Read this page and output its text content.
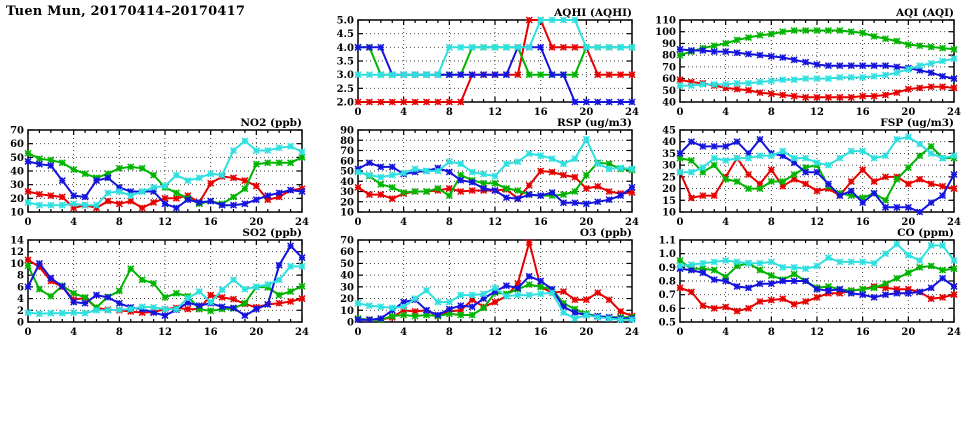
Tuen Mun, 20170414–20170417
2.0
2.5
3.0
3.5
4.0
4.5
5.0
0	4	8	12	16	20	24
AQHI (AQHI)
40
50
60
70
80
90
100
110
0	4	8	12	16	20	24
AQI (AQI)
10
20
30
40
50
60
70
0	4	8	12	16	20	24
NO2 (ppb)
10
20
30
40
50
60
70
80
90
0	4	8	12	16	20	24
RSP (ug/m3)
10
15
20
25
30
35
40
45
0	4	8	12	16	20	24
FSP (ug/m3)
0
2
4
6
8
10
12
14
0	4	8	12	16	20	24
SO2 (ppb)
0
10
20
30
40
50
60
70
0	4	8	12	16	20	24
O3 (ppb)
0.5
0.6
0.7
0.8
0.9
1.0
1.1
0	4	8	12	16	20	24
CO (ppm)
